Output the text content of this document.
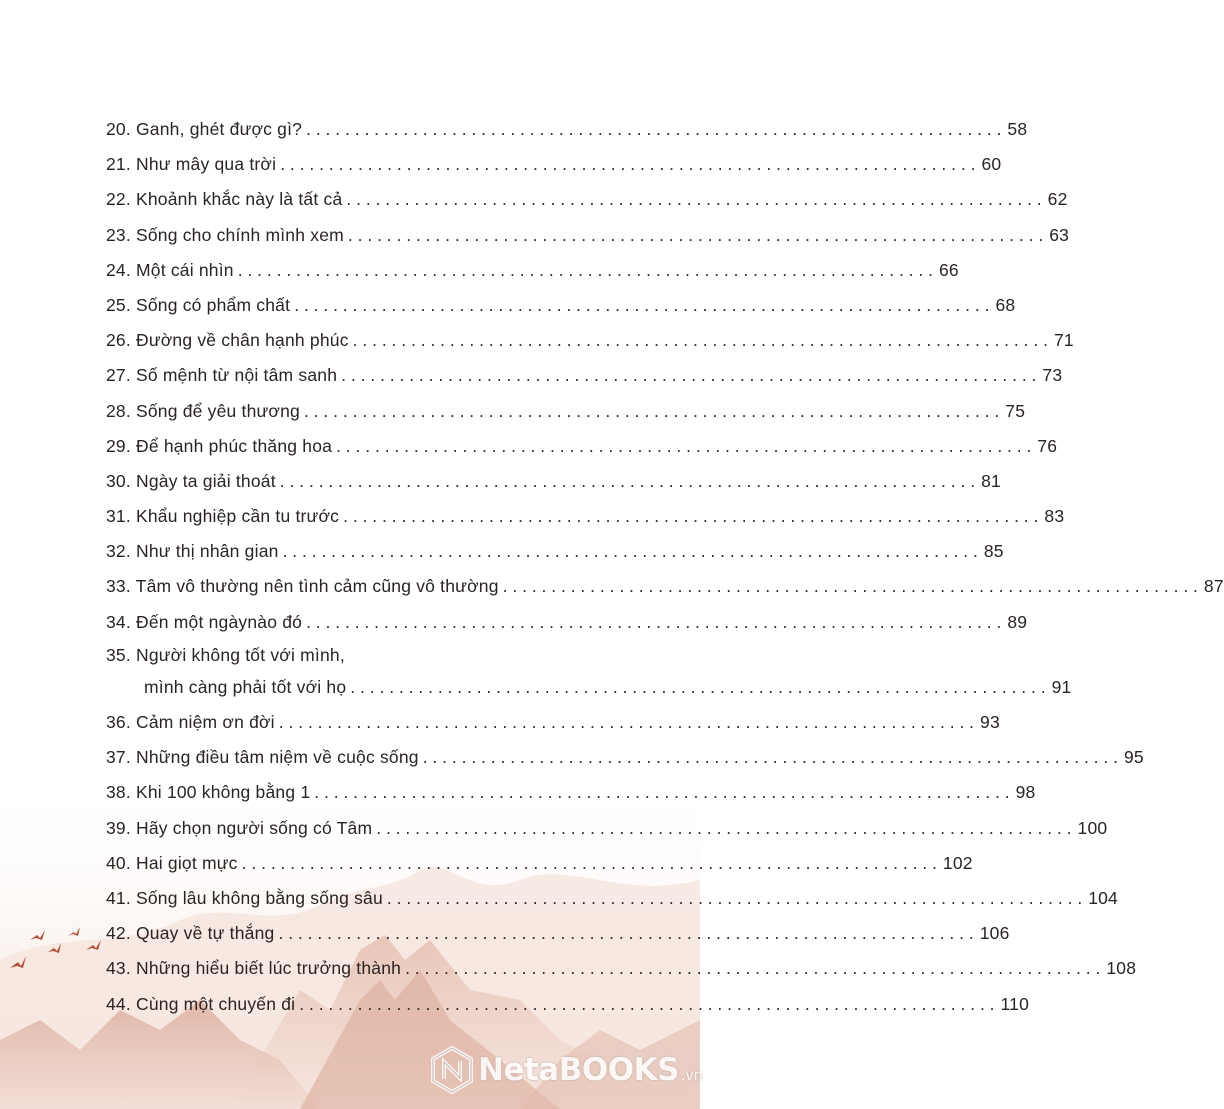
20. Ganh, ghét được gì? . . .	58
21. Như mây qua trời . . .	60
22. Khoảnh khắc này là tất cả . . .	62
23. Sống cho chính mình xem . . .	63
24. Một cái nhìn . . .	66
25. Sống có phẩm chất . . .	68
26. Đường về chân hạnh phúc . . .	71
27. Số mệnh từ nội tâm sanh . . .	73
28. Sống để yêu thương . . .	75
29. Để hạnh phúc thăng hoa . . .	76
30. Ngày ta giải thoát . . .	81
31. Khẩu nghiệp cần tu trước . . .	83
32. Như thị nhân gian . . .	85
33. Tâm vô thường nên tình cảm cũng vô thường . . .	87
34. Đến một ngàynào đó . . .	89
35. Người không tốt với mình,
mình càng phải tốt với họ . . .	91
36. Cảm niệm ơn đời . . .	93
37. Những điều tâm niệm về cuộc sống . . .	95
38. Khi 100 không bằng 1 . . .	98
39. Hãy chọn người sống có Tâm . . .	100
40. Hai giọt mực . . .	102
41. Sống lâu không bằng sống sâu . . .	104
42. Quay về tự thắng . . .	106
43. Những hiểu biết lúc trưởng thành . . .	108
44. Cùng một chuyến đi . . .	110
NetaBOOKS .vn
